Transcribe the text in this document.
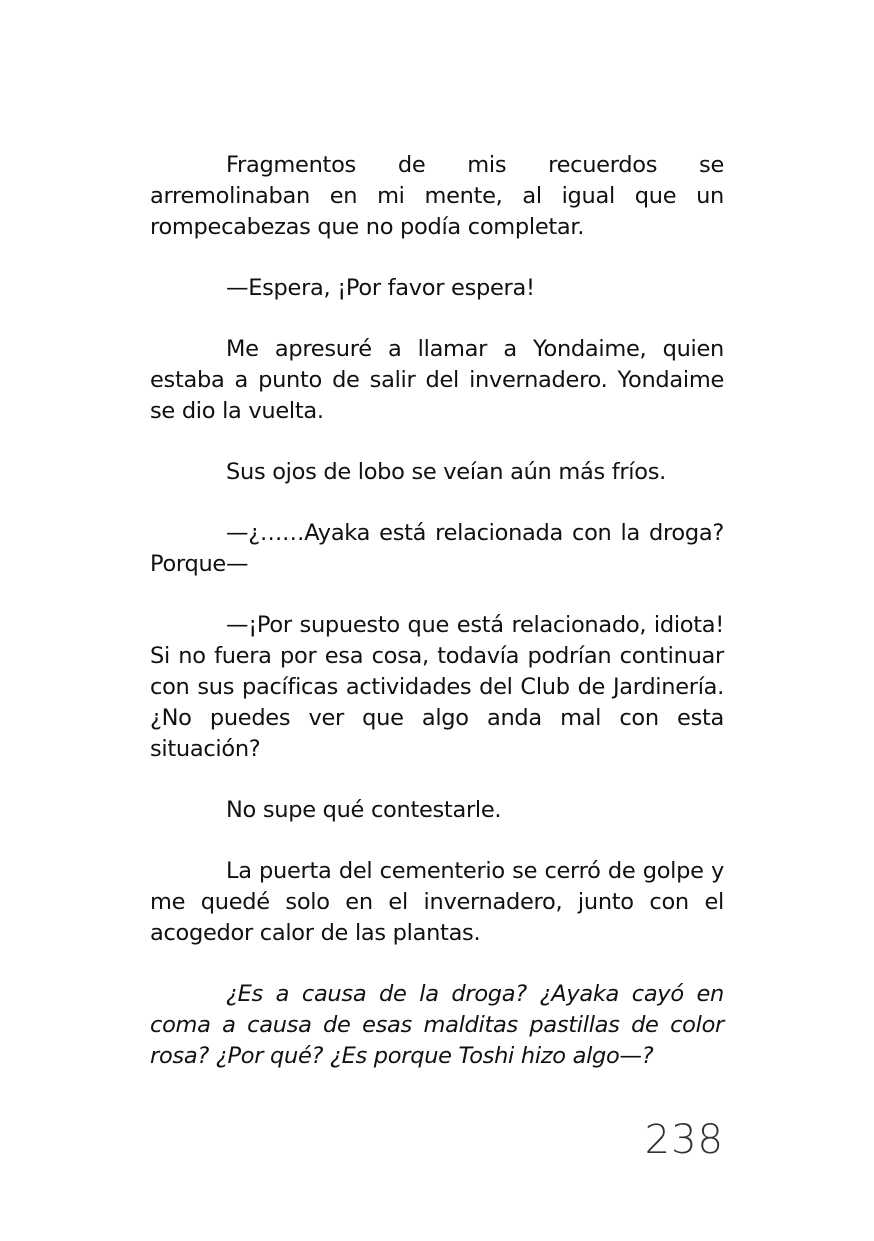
Fragmentos de mis recuerdos se arremolinaban en mi mente, al igual que un rompecabezas que no podía completar.

—Espera, ¡Por favor espera!

Me apresuré a llamar a Yondaime, quien estaba a punto de salir del invernadero. Yondaime se dio la vuelta.

Sus ojos de lobo se veían aún más fríos.

—¿……Ayaka está relacionada con la droga? Porque—

—¡Por supuesto que está relacionado, idiota! Si no fuera por esa cosa, todavía podrían continuar con sus pacíficas actividades del Club de Jardinería. ¿No puedes ver que algo anda mal con esta situación?

No supe qué contestarle.

La puerta del cementerio se cerró de golpe y me quedé solo en el invernadero, junto con el acogedor calor de las plantas.

¿Es a causa de la droga? ¿Ayaka cayó en coma a causa de esas malditas pastillas de color rosa? ¿Por qué? ¿Es porque Toshi hizo algo—?

238
